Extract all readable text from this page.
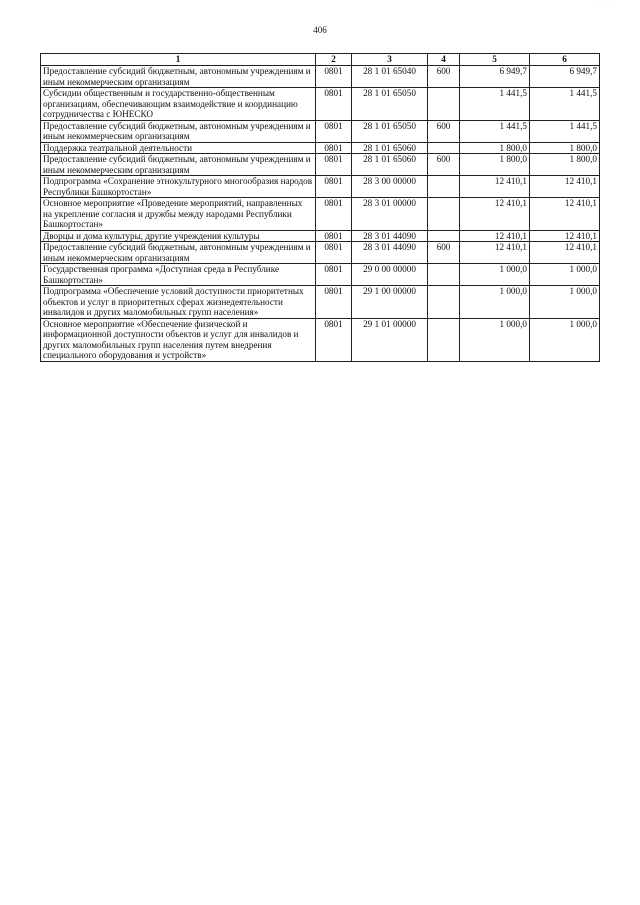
406
· · ·
1	2	3	4	5	6
Предоставление субсидий бюджетным, автономным учреждениям и иным некоммерческим организациям	0801	28 1 01 65040	600	6 949,7	6 949,7
Субсидии общественным и государственно-общественным организациям, обеспечивающим взаимодействие и координацию сотрудничества с ЮНЕСКО	0801	28 1 01 65050		1 441,5	1 441,5
Предоставление субсидий бюджетным, автономным учреждениям и иным некоммерческим организациям	0801	28 1 01 65050	600	1 441,5	1 441,5
Поддержка театральной деятельности	0801	28 1 01 65060		1 800,0	1 800,0
Предоставление субсидий бюджетным, автономным учреждениям и иным некоммерческим организациям	0801	28 1 01 65060	600	1 800,0	1 800,0
Подпрограмма «Сохранение этнокультурного многообразия народов Республики Башкортостан»	0801	28 3 00 00000		12 410,1	12 410,1
Основное мероприятие «Проведение мероприятий, направленных на укрепление согласия и дружбы между народами Республики Башкортостан»	0801	28 3 01 00000		12 410,1	12 410,1
Дворцы и дома культуры, другие учреждения культуры	0801	28 3 01 44090		12 410,1	12 410,1
Предоставление субсидий бюджетным, автономным учреждениям и иным некоммерческим организациям	0801	28 3 01 44090	600	12 410,1	12 410,1
Государственная программа «Доступная среда в Республике Башкортостан»	0801	29 0 00 00000		1 000,0	1 000,0
Подпрограмма «Обеспечение условий доступности приоритетных объектов и услуг в приоритетных сферах жизнедеятельности инвалидов и других маломобильных групп населения»	0801	29 1 00 00000		1 000,0	1 000,0
Основное мероприятие «Обеспечение физической и информационной доступности объектов и услуг для инвалидов и других маломобильных групп населения путем внедрения специального оборудования и устройств»	0801	29 1 01 00000		1 000,0	1 000,0
